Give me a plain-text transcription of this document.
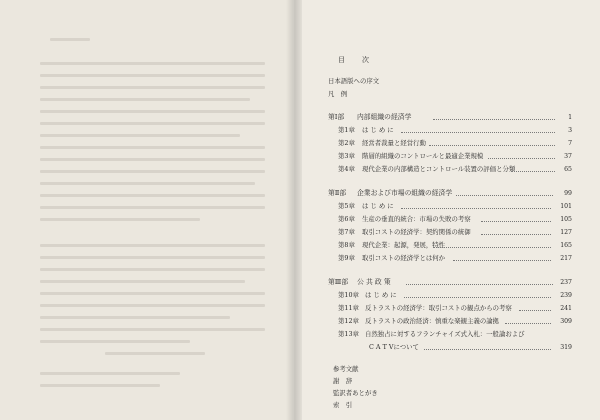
目　次
日本語版への序文
凡　例
第Ⅰ部 内部組織の経済学	1
第1章 は じ め に	3
第2章 経営者裁量と経営行動	7
第3章 階層的組織のコントロールと最適企業規模	37
第4章 現代企業の内部構造とコントロール装置の評価と分類	65
第Ⅱ部 企業および市場の組織の経済学	99
第5章 は じ め に	101
第6章 生産の垂直的統合：市場の失敗の考察	105
第7章 取引コストの経済学：契約関係の統御	127
第8章 現代企業：起源，発展，特性	165
第9章 取引コストの経済学とは何か	217
第Ⅲ部 公 共 政 策	237
第10章 は じ め に	239
第11章 反トラストの経済学：取引コストの観点からの考察	241
第12章 反トラストの政治経済：慎重な楽観主義の論拠	309
第13章 自然独占に対するフランチャイズ式入札：一般論および
C A T Vについて	319
参考文献
謝　辞
監訳者あとがき
索　引
